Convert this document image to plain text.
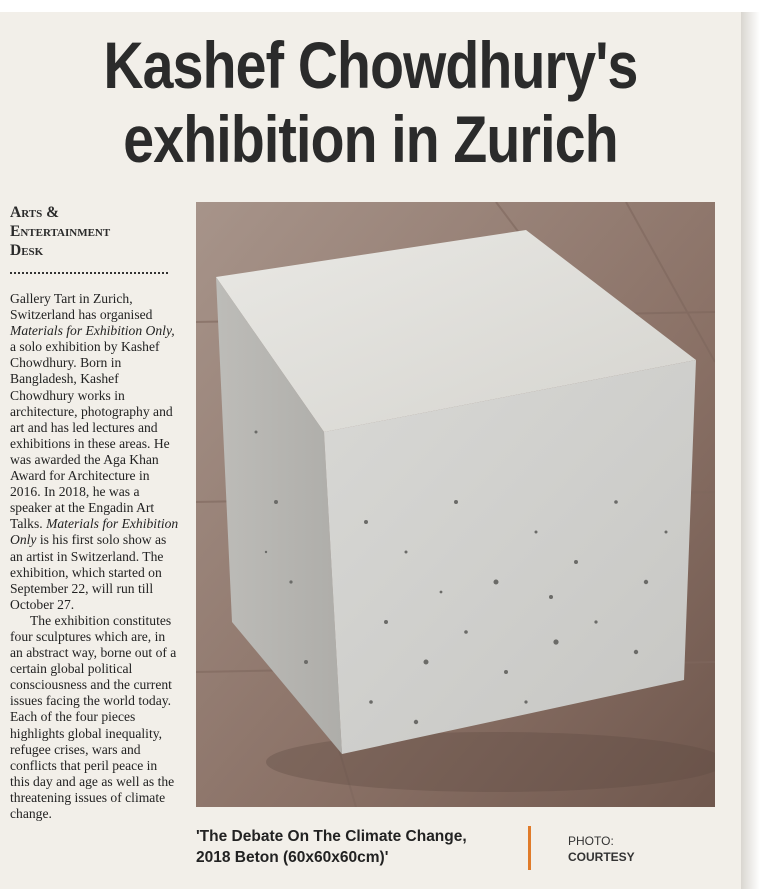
Kashef Chowdhury's
exhibition in Zurich
Arts &
Entertainment
Desk

Gallery Tart in Zurich, Switzerland has organised Materials for Exhibition Only, a solo exhibition by Kashef Chowdhury. Born in Bangladesh, Kashef Chowdhury works in architecture, photography and art and has led lectures and exhibitions in these areas. He was awarded the Aga Khan Award for Architecture in 2016. In 2018, he was a speaker at the Engadin Art Talks. Materials for Exhibition Only is his first solo show as an artist in Switzerland. The exhibition, which started on September 22, will run till October 27.

The exhibition constitutes four sculptures which are, in an abstract way, borne out of a certain global political consciousness and the current issues facing the world today. Each of the four pieces highlights global inequality, refugee crises, wars and conflicts that peril peace in this day and age as well as the threatening issues of climate change.

'The Debate On The Climate Change,
2018 Beton (60x60x60cm)'
PHOTO:
COURTESY
